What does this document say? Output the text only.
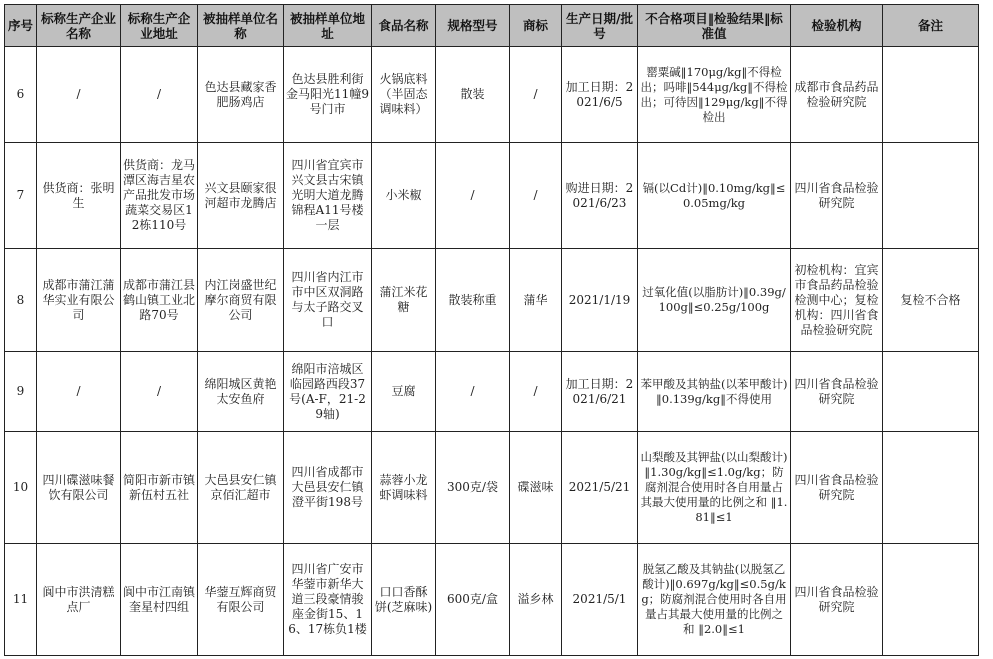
序号	标称生产企业名称	标称生产企业地址	被抽样单位名称	被抽样单位地址	食品名称	规格型号	商标	生产日期/批号	不合格项目‖检验结果‖标准值	检验机构	备注
6	/	/	色达县藏家香肥肠鸡店	色达县胜利街金马阳光11幢9号门市	火锅底料（半固态调味料）	散装	/	加工日期：2021/6/5	罂粟碱‖170μg/kg‖不得检出；吗啡‖544μg/kg‖不得检出；可待因‖129μg/kg‖不得检出	成都市食品药品检验研究院	
7	供货商：张明生	供货商：龙马潭区海吉星农产品批发市场蔬菜交易区12栋110号	兴文县颐家很河超市龙腾店	四川省宜宾市兴文县古宋镇光明大道龙腾锦程A11号楼一层	小米椒	/	/	购进日期：2021/6/23	镉(以Cd计)‖0.10mg/kg‖≤0.05mg/kg	四川省食品检验研究院	
8	成都市蒲江蒲华实业有限公司	成都市蒲江县鹤山镇工业北路70号	内江岗盛世纪摩尔商贸有限公司	四川省内江市市中区双洞路与太子路交叉口	蒲江米花糖	散装称重	蒲华	2021/1/19	过氧化值(以脂肪计)‖0.39g/100g‖≤0.25g/100g	初检机构：宜宾市食品药品检验检测中心；复检机构：四川省食品检验研究院	复检不合格
9	/	/	绵阳城区黄艳太安鱼府	绵阳市涪城区临园路西段37号(A-F，21-29轴)	豆腐	/	/	加工日期：2021/6/21	苯甲酸及其钠盐(以苯甲酸计)‖0.139g/kg‖不得使用	四川省食品检验研究院	
10	四川碟滋味餐饮有限公司	简阳市新市镇新伍村五社	大邑县安仁镇京佰汇超市	四川省成都市大邑县安仁镇澄平街198号	蒜蓉小龙虾调味料	300克/袋	碟滋味	2021/5/21	山梨酸及其钾盐(以山梨酸计)‖1.30g/kg‖≤1.0g/kg；防腐剂混合使用时各自用量占其最大使用量的比例之和 ‖1.81‖≤1	四川省食品检验研究院	
11	阆中市洪清糕点厂	阆中市江南镇奎星村四组	华蓥互辉商贸有限公司	四川省广安市华蓥市新华大道三段豪情骏座金街15、16、17栋负1楼	口口香酥饼(芝麻味)	600克/盒	溢乡林	2021/5/1	脱氢乙酸及其钠盐(以脱氢乙酸计)‖0.697g/kg‖≤0.5g/kg；防腐剂混合使用时各自用量占其最大使用量的比例之和 ‖2.0‖≤1	四川省食品检验研究院	
